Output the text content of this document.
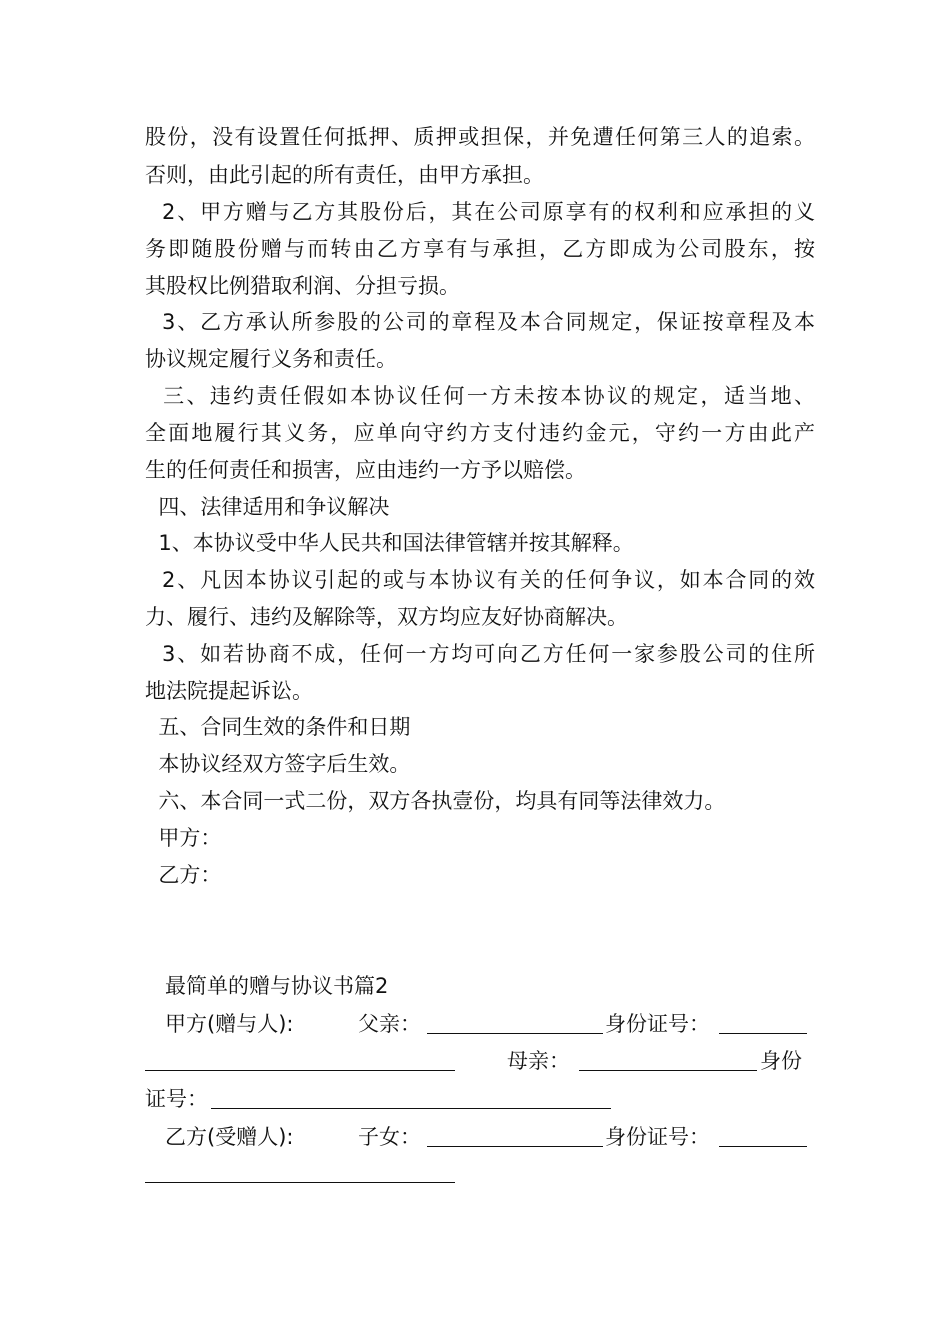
股份，没有设置任何抵押、质押或担保，并免遭任何第三人的追索。
否则，由此引起的所有责任，由甲方承担。
2、甲方赠与乙方其股份后，其在公司原享有的权利和应承担的义
务即随股份赠与而转由乙方享有与承担，乙方即成为公司股东，按
其股权比例猎取利润、分担亏损。
3、乙方承认所参股的公司的章程及本合同规定，保证按章程及本
协议规定履行义务和责任。
三、违约责任假如本协议任何一方未按本协议的规定，适当地、
全面地履行其义务，应单向守约方支付违约金元，守约一方由此产
生的任何责任和损害，应由违约一方予以赔偿。
四、法律适用和争议解决
1、本协议受中华人民共和国法律管辖并按其解释。
2、凡因本协议引起的或与本协议有关的任何争议，如本合同的效
力、履行、违约及解除等，双方均应友好协商解决。
3、如若协商不成，任何一方均可向乙方任何一家参股公司的住所
地法院提起诉讼。
五、合同生效的条件和日期
本协议经双方签字后生效。
六、本合同一式二份，双方各执壹份，均具有同等法律效力。
甲方：
乙方：

最简单的赠与协议书篇2

甲方(赠与人):

	父亲：

	身份证号：

母亲：

	身份

证号：

乙方(受赠人):

	子女：

	身份证号：
